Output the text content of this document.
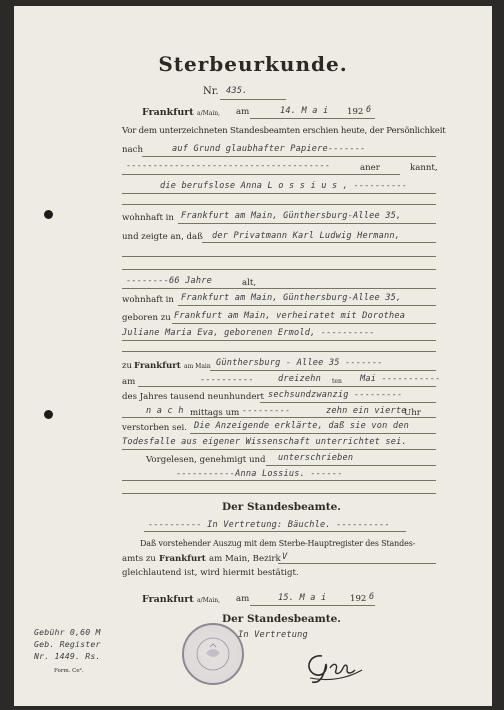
Sterbeurkunde.
Nr. 435.
Frankfurt a/Main, am	14. M a i 192 6
Vor dem unterzeichneten Standesbeamten erschien heute, der Persönlichkeit
nach	auf Grund glaubhafter Papiere-------
--------------------------------------	aner	kannt,
die berufslose Anna L o s s i u s , ----------
wohnhaft in Frankfurt am Main, Günthersburg-Allee 35,
und zeigte an, daß der Privatmann Karl Ludwig Hermann,
--------66 Jahre	alt,
wohnhaft in Frankfurt am Main, Günthersburg-Allee 35,
geboren zu Frankfurt am Main, verheiratet mit Dorothea
Juliane Maria Eva, geborenen Ermold, ----------
zu Frankfurt am Main Günthersburg - Allee 35 -------
am	----------	dreizehn ten Mai -----------
des Jahres tausend neunhundert sechsundzwanzig ---------
n a c h mittags um ---------	zehn ein vierte
Uhr
verstorben sei. Die Anzeigende erklärte, daß sie von den
Todesfalle aus eigener Wissenschaft unterrichtet sei.
Vorgelesen, genehmigt und unterschrieben
-----------Anna Lossius. ------
Der Standesbeamte.
---------- In Vertretung: Bäuchle. ----------
Daß vorstehender Auszug mit dem Sterbe-Hauptregister des Standes-
amts zu Frankfurt am Main, Bezirk V
gleichlautend ist, wird hiermit bestätigt.
Frankfurt a/Main, am	15. M a i	192 6
Der Standesbeamte.
In Vertretung
Gebühr 0,60 M
Geb. Register
Nr. 1449. Rs.
Form. Ce².
